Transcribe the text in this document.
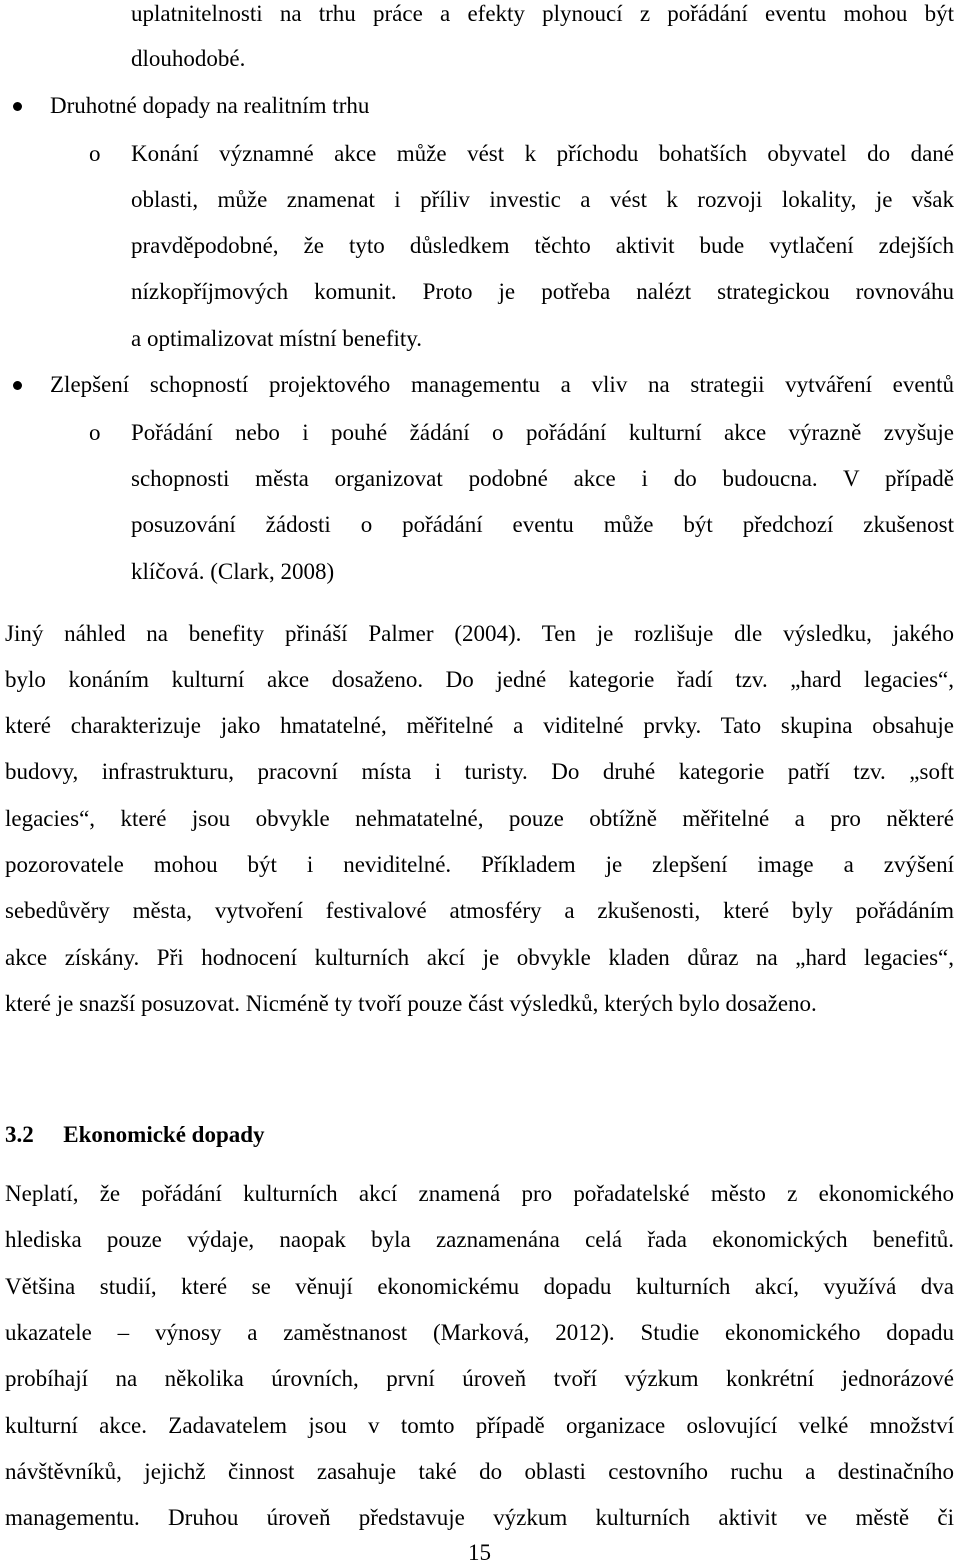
uplatnitelnosti na trhu práce a efekty plynoucí z pořádání eventu mohou být
dlouhodobé.
Druhotné dopady na realitním trhu
o Konání významné akce může vést k příchodu bohatších obyvatel do dané
oblasti, může znamenat i příliv investic a vést k rozvoji lokality, je však
pravděpodobné, že tyto důsledkem těchto aktivit bude vytlačení zdejších
nízkopříjmových komunit. Proto je potřeba nalézt strategickou rovnováhu
a optimalizovat místní benefity.
Zlepšení schopností projektového managementu a vliv na strategii vytváření eventů
o Pořádání nebo i pouhé žádání o pořádání kulturní akce výrazně zvyšuje
schopnosti města organizovat podobné akce i do budoucna. V případě
posuzování žádosti o pořádání eventu může být předchozí zkušenost
klíčová. (Clark, 2008)
Jiný náhled na benefity přináší Palmer (2004). Ten je rozlišuje dle výsledku, jakého
bylo konáním kulturní akce dosaženo. Do jedné kategorie řadí tzv. „hard legacies“,
které charakterizuje jako hmatatelné, měřitelné a viditelné prvky. Tato skupina obsahuje
budovy, infrastrukturu, pracovní místa i turisty. Do druhé kategorie patří tzv. „soft
legacies“, které jsou obvykle nehmatatelné, pouze obtížně měřitelné a pro některé
pozorovatele mohou být i neviditelné. Příkladem je zlepšení image a zvýšení
sebedůvěry města, vytvoření festivalové atmosféry a zkušenosti, které byly pořádáním
akce získány. Při hodnocení kulturních akcí je obvykle kladen důraz na „hard legacies“,
které je snazší posuzovat. Nicméně ty tvoří pouze část výsledků, kterých bylo dosaženo.
3.2 Ekonomické dopady
Neplatí, že pořádání kulturních akcí znamená pro pořadatelské město z ekonomického
hlediska pouze výdaje, naopak byla zaznamenána celá řada ekonomických benefitů.
Většina studií, které se věnují ekonomickému dopadu kulturních akcí, využívá dva
ukazatele – výnosy a zaměstnanost (Marková, 2012). Studie ekonomického dopadu
probíhají na několika úrovních, první úroveň tvoří výzkum konkrétní jednorázové
kulturní akce. Zadavatelem jsou v tomto případě organizace oslovující velké množství
návštěvníků, jejichž činnost zasahuje také do oblasti cestovního ruchu a destinačního
managementu. Druhou úroveň představuje výzkum kulturních aktivit ve městě či
15
